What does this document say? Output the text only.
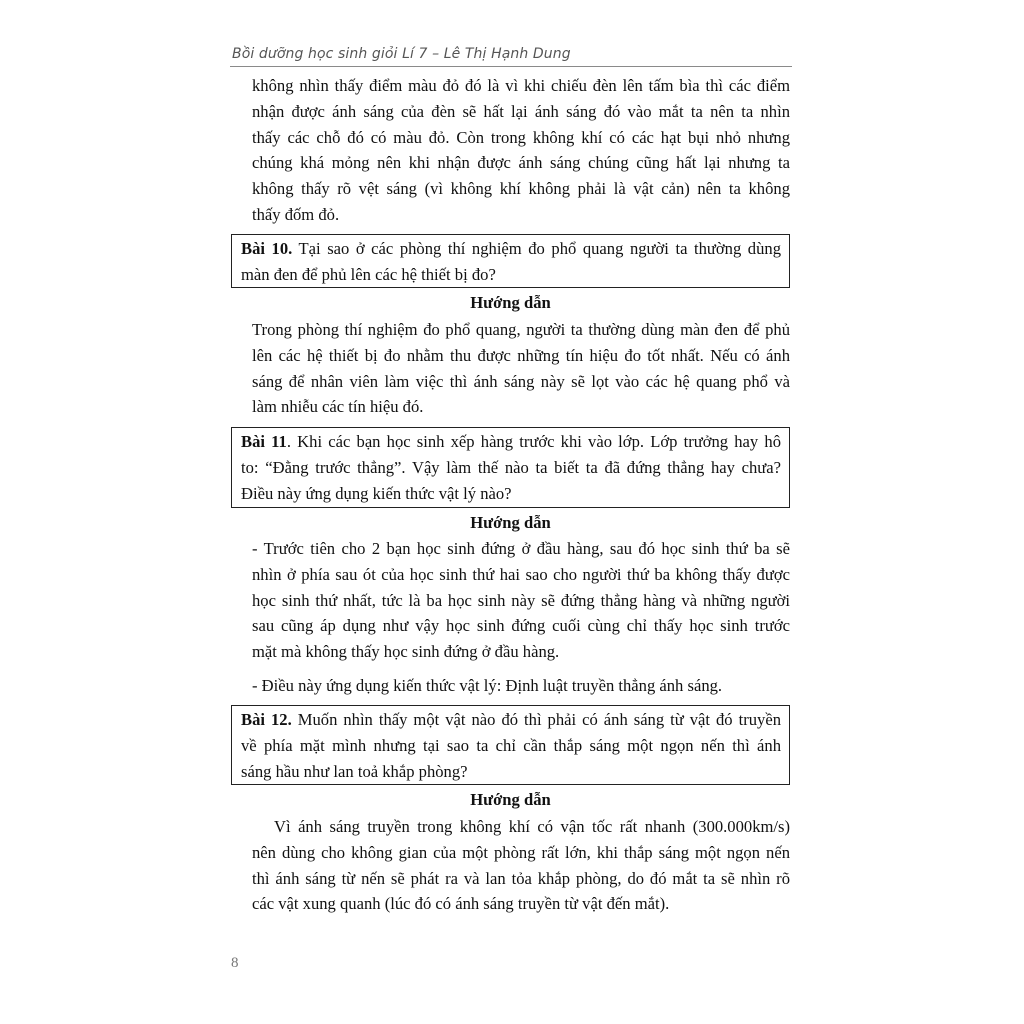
Bồi dưỡng học sinh giỏi Lí 7 – Lê Thị Hạnh Dung
không nhìn thấy điểm màu đỏ đó là vì khi chiếu đèn lên tấm bìa thì các điểm
nhận được ánh sáng của đèn sẽ hất lại ánh sáng đó vào mắt ta nên ta nhìn
thấy các chỗ đó có màu đỏ. Còn trong không khí có các hạt bụi nhỏ nhưng
chúng khá mỏng nên khi nhận được ánh sáng chúng cũng hất lại nhưng ta
không thấy rõ vệt sáng (vì không khí không phải là vật cản) nên ta không
thấy đốm đỏ.
Bài 10. Tại sao ở các phòng thí nghiệm đo phổ quang người ta thường dùng
màn đen để phủ lên các hệ thiết bị đo?
Hướng dẫn
Trong phòng thí nghiệm đo phổ quang, người ta thường dùng màn đen để phủ
lên các hệ thiết bị đo nhằm thu được những tín hiệu đo tốt nhất. Nếu có ánh
sáng để nhân viên làm việc thì ánh sáng này sẽ lọt vào các hệ quang phổ và
làm nhiễu các tín hiệu đó.
Bài 11. Khi các bạn học sinh xếp hàng trước khi vào lớp. Lớp trưởng hay hô
to: “Đằng trước thẳng”. Vậy làm thế nào ta biết ta đã đứng thẳng hay chưa?
Điều này ứng dụng kiến thức vật lý nào?
Hướng dẫn
- Trước tiên cho 2 bạn học sinh đứng ở đầu hàng, sau đó học sinh thứ ba sẽ
nhìn ở phía sau ót của học sinh thứ hai sao cho người thứ ba không thấy được
học sinh thứ nhất, tức là ba học sinh này sẽ đứng thẳng hàng và những người
sau cũng áp dụng như vậy học sinh đứng cuối cùng chỉ thấy học sinh trước
mặt mà không thấy học sinh đứng ở đầu hàng.
- Điều này ứng dụng kiến thức vật lý: Định luật truyền thẳng ánh sáng.
Bài 12. Muốn nhìn thấy một vật nào đó thì phải có ánh sáng từ vật đó truyền
về phía mặt mình nhưng tại sao ta chỉ cần thắp sáng một ngọn nến thì ánh
sáng hầu như lan toả khắp phòng?
Hướng dẫn
Vì ánh sáng truyền trong không khí có vận tốc rất nhanh (300.000km/s)
nên dùng cho không gian của một phòng rất lớn, khi thắp sáng một ngọn nến
thì ánh sáng từ nến sẽ phát ra và lan tỏa khắp phòng, do đó mắt ta sẽ nhìn rõ
các vật xung quanh (lúc đó có ánh sáng truyền từ vật đến mắt).
8
